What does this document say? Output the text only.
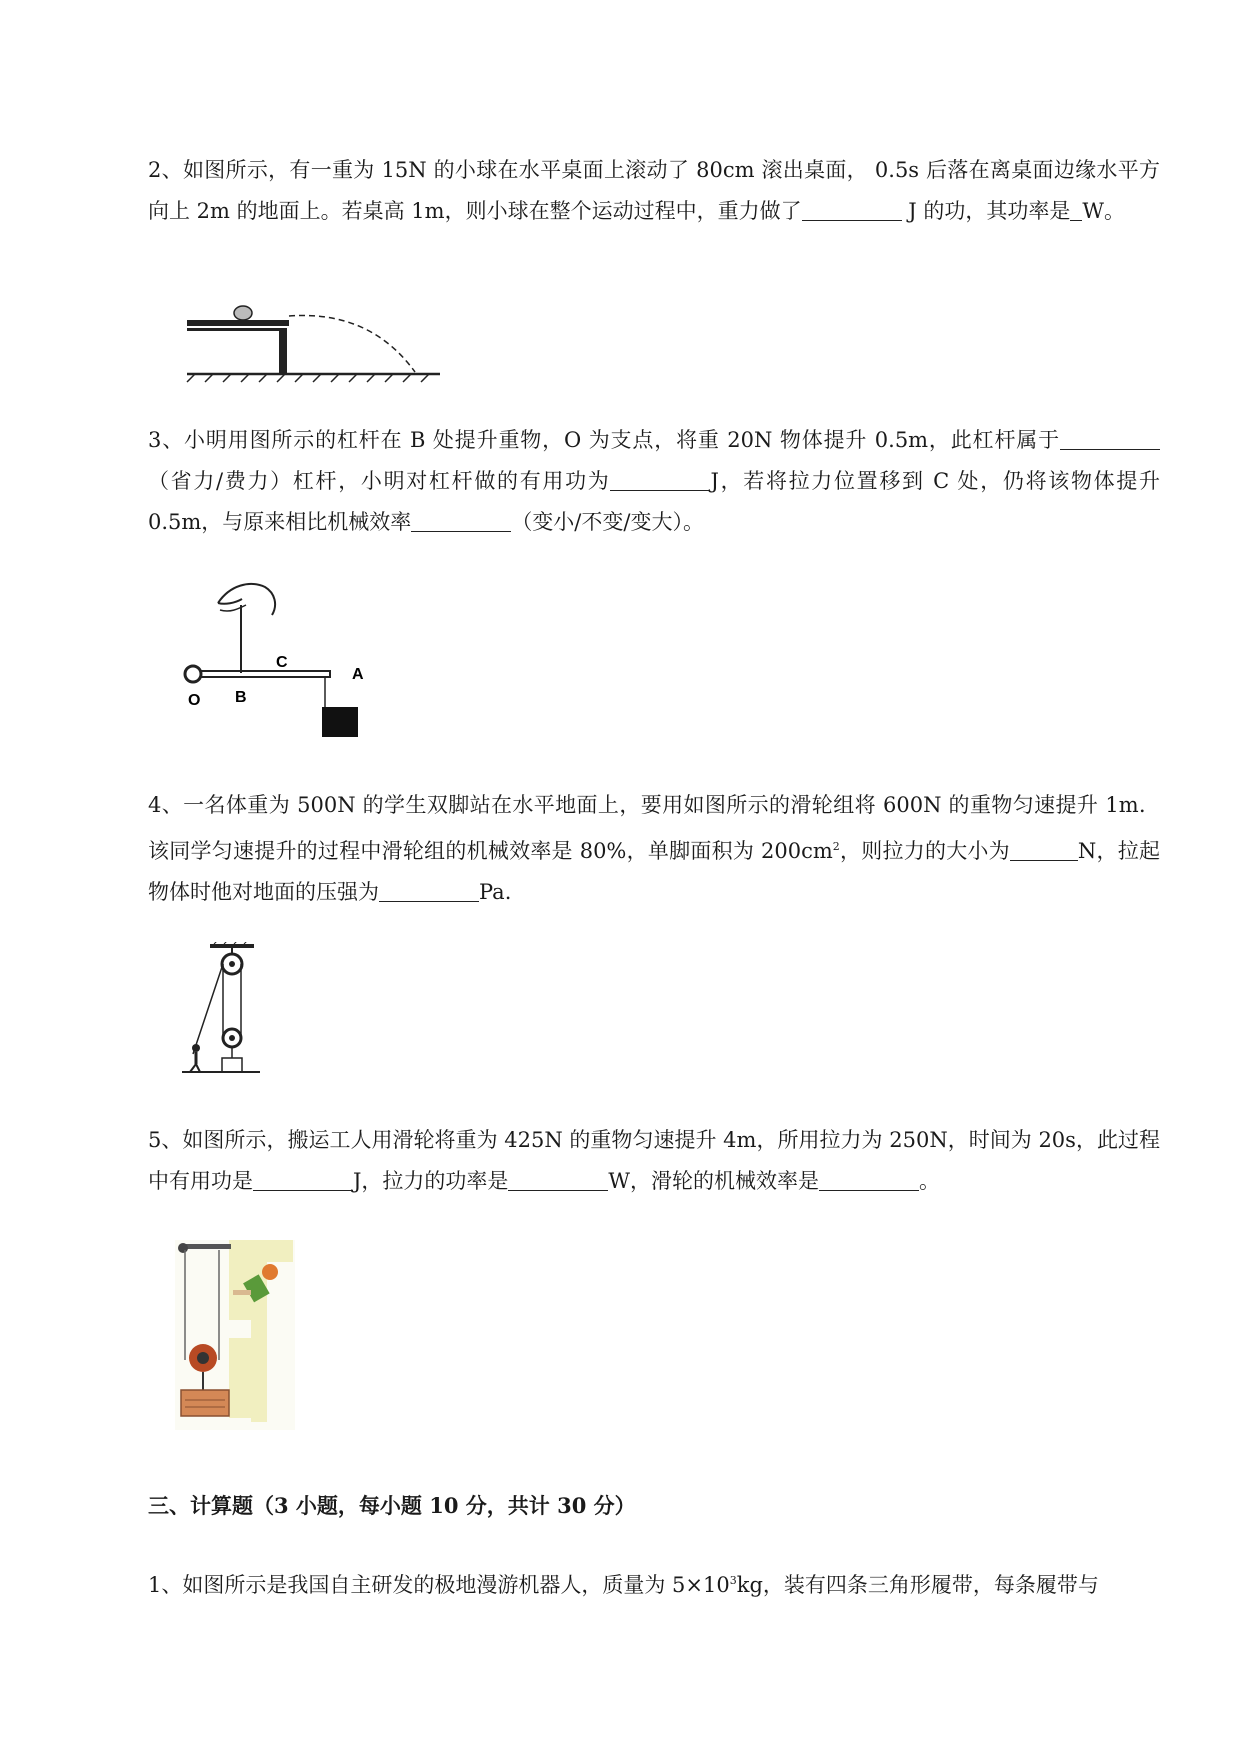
2、如图所示，有一重为 15N 的小球在水平桌面上滚动了 80cm 滚出桌面， 0.5s 后落在离桌面边缘水平方向上 2m 的地面上。若桌高 1m，则小球在整个运动过程中，重力做了	J 的功，其功率是 W。

3、小明用图所示的杠杆在 B 处提升重物，O 为支点，将重 20N 物体提升 0.5m，此杠杆属于（省力/费力）杠杆，小明对杠杆做的有用功为	J，若将拉力位置移到 C 处，仍将该物体提升 0.5m，与原来相比机械效率	（变小/不变/变大）。

O B
C
A

4、一名体重为 500N 的学生双脚站在水平地面上，要用如图所示的滑轮组将 600N 的重物匀速提升 1m．该同学匀速提升的过程中滑轮组的机械效率是 80%，单脚面积为 $200cm^2$，则拉力的大小为	N，拉起物体时他对地面的压强为	Pa.

5、如图所示，搬运工人用滑轮将重为 425N 的重物匀速提升 4m，所用拉力为 250N，时间为 20s，此过程中有用功是	J，拉力的功率是	W，滑轮的机械效率是	。

三、计算题（3 小题，每小题 10 分，共计 30 分）

1、如图所示是我国自主研发的极地漫游机器人，质量为 $5\times 10^3kg$，装有四条三角形履带，每条履带与
